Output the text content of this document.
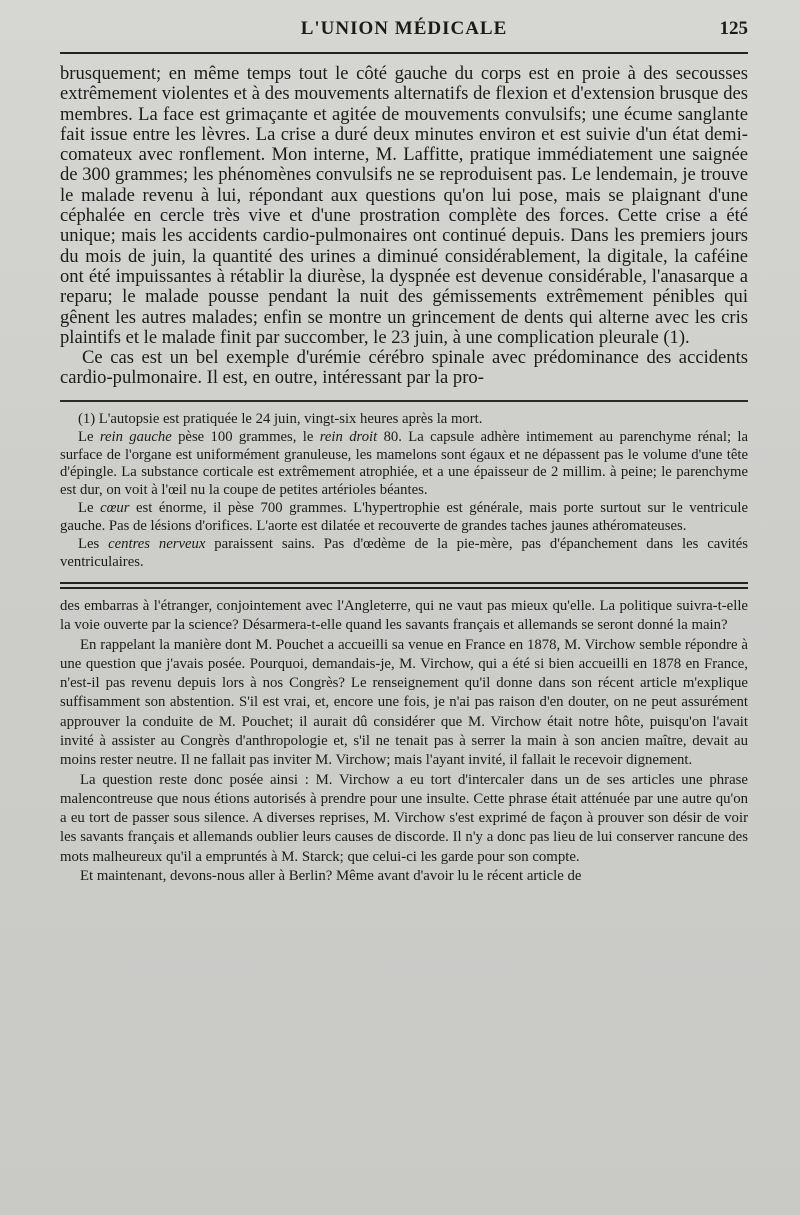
L'UNION MÉDICALE	125

brusquement; en même temps tout le côté gauche du corps est en proie à des secousses extrêmement violentes et à des mouvements alternatifs de flexion et d'extension brusque des membres. La face est grimaçante et agitée de mouvements convulsifs; une écume sanglante fait issue entre les lèvres. La crise a duré deux minutes environ et est suivie d'un état demi-comateux avec ronflement. Mon interne, M. Laffitte, pratique immédiatement une saignée de 300 grammes; les phénomènes convulsifs ne se reproduisent pas. Le lendemain, je trouve le malade revenu à lui, répondant aux questions qu'on lui pose, mais se plaignant d'une céphalée en cercle très vive et d'une prostration complète des forces. Cette crise a été unique; mais les accidents cardio-pulmonaires ont continué depuis. Dans les premiers jours du mois de juin, la quantité des urines a diminué considérablement, la digitale, la caféine ont été impuissantes à rétablir la diurèse, la dyspnée est devenue considérable, l'anasarque a reparu; le malade pousse pendant la nuit des gémissements extrêmement pénibles qui gênent les autres malades; enfin se montre un grincement de dents qui alterne avec les cris plaintifs et le malade finit par succomber, le 23 juin, à une complication pleurale (1).

Ce cas est un bel exemple d'urémie cérébro spinale avec prédominance des accidents cardio-pulmonaire. Il est, en outre, intéressant par la pro-

(1) L'autopsie est pratiquée le 24 juin, vingt-six heures après la mort.

Le rein gauche pèse 100 grammes, le rein droit 80. La capsule adhère intimement au parenchyme rénal; la surface de l'organe est uniformément granuleuse, les mamelons sont égaux et ne dépassent pas le volume d'une tête d'épingle. La substance corticale est extrêmement atrophiée, et a une épaisseur de 2 millim. à peine; le parenchyme est dur, on voit à l'œil nu la coupe de petites artérioles béantes.

Le cœur est énorme, il pèse 700 grammes. L'hypertrophie est générale, mais porte surtout sur le ventricule gauche. Pas de lésions d'orifices. L'aorte est dilatée et recouverte de grandes taches jaunes athéromateuses.

Les centres nerveux paraissent sains. Pas d'œdème de la pie-mère, pas d'épanchement dans les cavités ventriculaires.

des embarras à l'étranger, conjointement avec l'Angleterre, qui ne vaut pas mieux qu'elle. La politique suivra-t-elle la voie ouverte par la science? Désarmera-t-elle quand les savants français et allemands se seront donné la main?

En rappelant la manière dont M. Pouchet a accueilli sa venue en France en 1878, M. Virchow semble répondre à une question que j'avais posée. Pourquoi, demandais-je, M. Virchow, qui a été si bien accueilli en 1878 en France, n'est-il pas revenu depuis lors à nos Congrès? Le renseignement qu'il donne dans son récent article m'explique suffisamment son abstention. S'il est vrai, et, encore une fois, je n'ai pas raison d'en douter, on ne peut assurément approuver la conduite de M. Pouchet; il aurait dû considérer que M. Virchow était notre hôte, puisqu'on l'avait invité à assister au Congrès d'anthropologie et, s'il ne tenait pas à serrer la main à son ancien maître, devait au moins rester neutre. Il ne fallait pas inviter M. Virchow; mais l'ayant invité, il fallait le recevoir dignement.

La question reste donc posée ainsi : M. Virchow a eu tort d'intercaler dans un de ses articles une phrase malencontreuse que nous étions autorisés à prendre pour une insulte. Cette phrase était atténuée par une autre qu'on a eu tort de passer sous silence. A diverses reprises, M. Virchow s'est exprimé de façon à prouver son désir de voir les savants français et allemands oublier leurs causes de discorde. Il n'y a donc pas lieu de lui conserver rancune des mots malheureux qu'il a empruntés à M. Starck; que celui-ci les garde pour son compte.

Et maintenant, devons-nous aller à Berlin? Même avant d'avoir lu le récent article de
